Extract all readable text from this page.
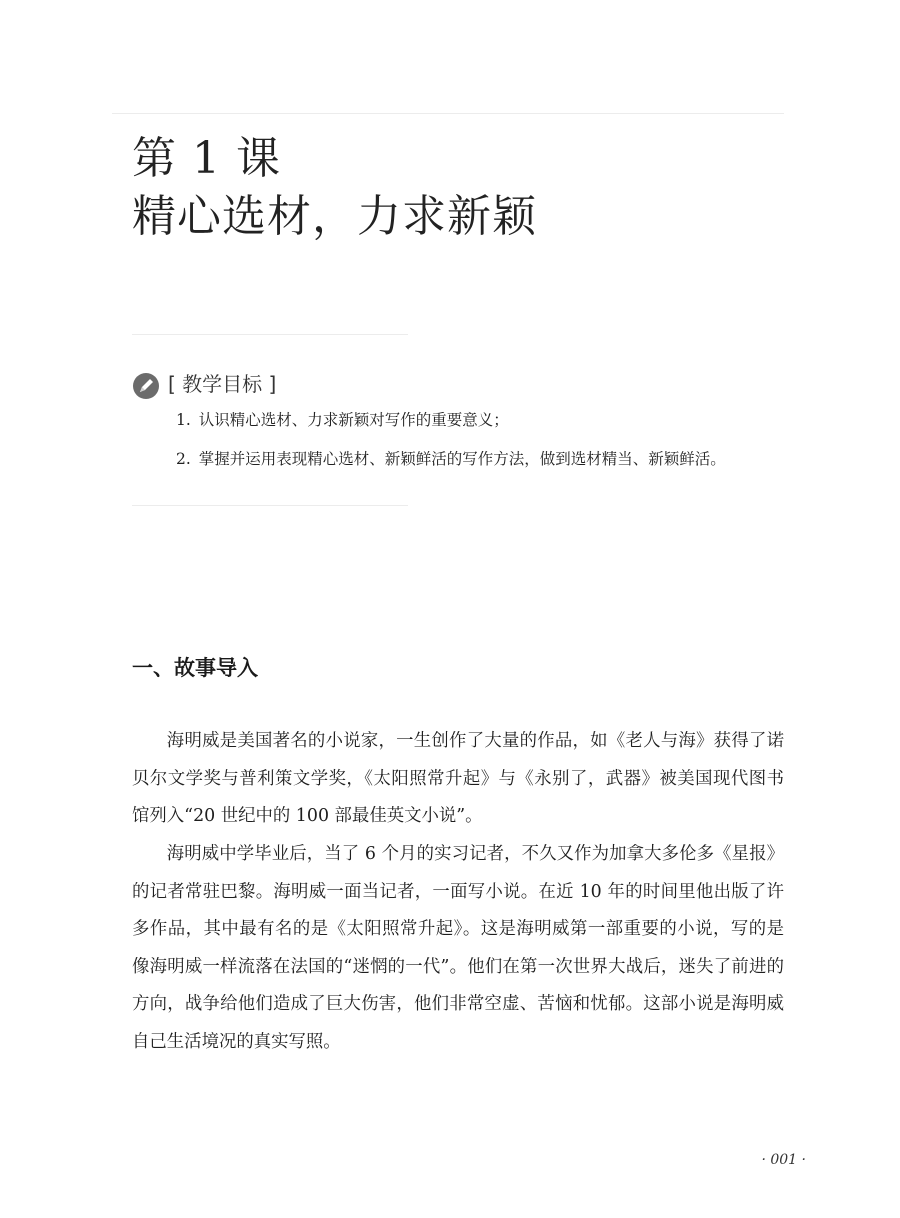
第 1 课
精心选材，力求新颖
[ 教学目标 ]
1. 认识精心选材、力求新颖对写作的重要意义；
2. 掌握并运用表现精心选材、新颖鲜活的写作方法，做到选材精当、新颖鲜活。
一、故事导入

海明威是美国著名的小说家，一生创作了大量的作品，如《老人与海》获得了诺贝尔文学奖与普利策文学奖，《太阳照常升起》与《永别了，武器》被美国现代图书馆列入“20 世纪中的 100 部最佳英文小说”。

海明威中学毕业后，当了 6 个月的实习记者，不久又作为加拿大多伦多《星报》的记者常驻巴黎。海明威一面当记者，一面写小说。在近 10 年的时间里他出版了许多作品，其中最有名的是《太阳照常升起》。这是海明威第一部重要的小说，写的是像海明威一样流落在法国的“迷惘的一代”。他们在第一次世界大战后，迷失了前进的方向，战争给他们造成了巨大伤害，他们非常空虚、苦恼和忧郁。这部小说是海明威自己生活境况的真实写照。

· 001 ·
